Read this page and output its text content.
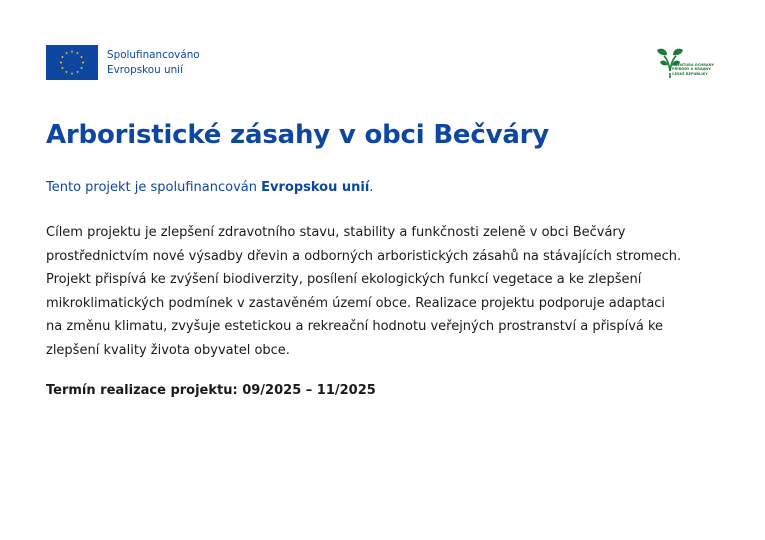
Spolufinancováno
Evropskou unií	AGENTURA OCHRANY
PŘÍRODY A KRAJINY
ČESKÉ REPUBLIKY
Arboristické zásahy v obci Bečváry

Tento projekt je spolufinancován Evropskou unií.

Cílem projektu je zlepšení zdravotního stavu, stability a funkčnosti zeleně v obci Bečváry
prostřednictvím nové výsadby dřevin a odborných arboristických zásahů na stávajících stromech.
Projekt přispívá ke zvýšení biodiverzity, posílení ekologických funkcí vegetace a ke zlepšení
mikroklimatických podmínek v zastavěném území obce. Realizace projektu podporuje adaptaci
na změnu klimatu, zvyšuje estetickou a rekreační hodnotu veřejných prostranství a přispívá ke
zlepšení kvality života obyvatel obce.

Termín realizace projektu: 09/2025 – 11/2025
